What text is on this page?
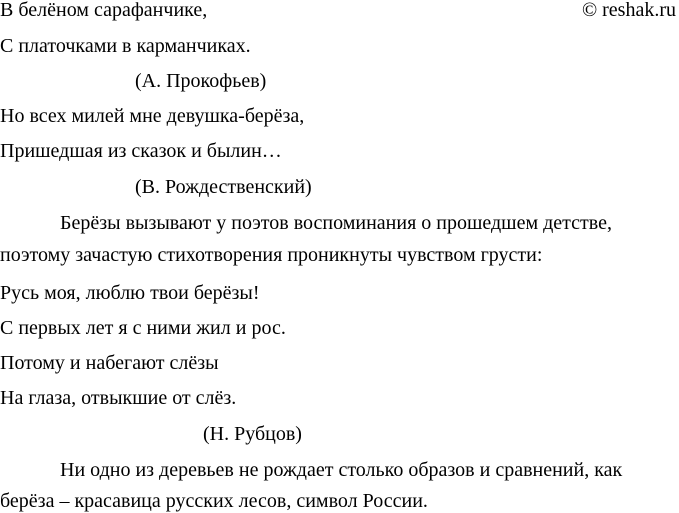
© reshak.ru
В белёном сарафанчике,
С платочками в карманчиках.
(А. Прокофьев)
Но всех милей мне девушка-берёза,
Пришедшая из сказок и былин…
(В. Рождественский)
Берёзы вызывают у поэтов воспоминания о прошедшем детстве,
поэтому зачастую стихотворения проникнуты чувством грусти:
Русь моя, люблю твои берёзы!
С первых лет я с ними жил и рос.
Потому и набегают слёзы
На глаза, отвыкшие от слёз.
(Н. Рубцов)
Ни одно из деревьев не рождает столько образов и сравнений, как
берёза – красавица русских лесов, символ России.
